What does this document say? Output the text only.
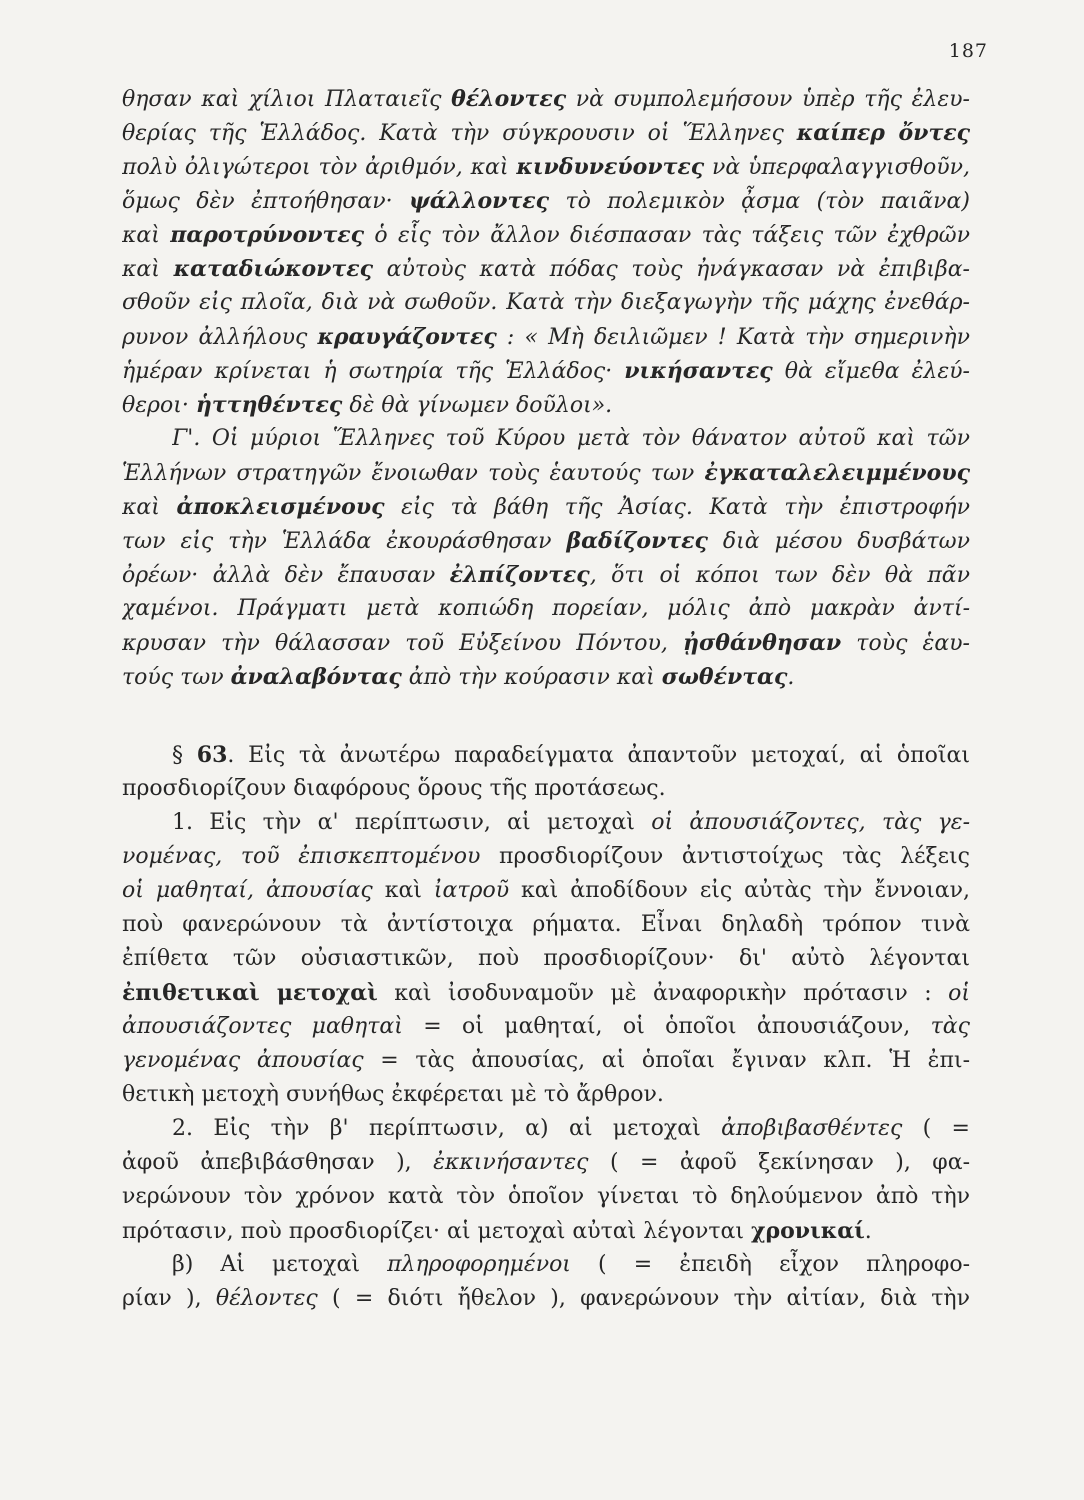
187

θησαν καὶ χίλιοι Πλαταιεῖς θέλοντες νὰ συμπολεμήσουν ὑπὲρ τῆς ἐλευ-

θερίας τῆς Ἑλλάδος. Κατὰ τὴν σύγκρουσιν οἱ Ἕλληνες καίπερ ὄντες

πολὺ ὀλιγώτεροι τὸν ἀριθμόν, καὶ κινδυνεύοντες νὰ ὑπερφαλαγγισθοῦν,

ὅμως δὲν ἐπτοήθησαν· ψάλλοντες τὸ πολεμικὸν ᾆσμα (τὸν παιᾶνα)

καὶ παροτρύνοντες ὁ εἷς τὸν ἄλλον διέσπασαν τὰς τάξεις τῶν ἐχθρῶν

καὶ καταδιώκοντες αὐτοὺς κατὰ πόδας τοὺς ἠνάγκασαν νὰ ἐπιβιβα-

σθοῦν εἰς πλοῖα, διὰ νὰ σωθοῦν. Κατὰ τὴν διεξαγωγὴν τῆς μάχης ἐνεθάρ-

ρυνον ἀλλήλους κραυγάζοντες : « Μὴ δειλιῶμεν ! Κατὰ τὴν σημερινὴν

ἡμέραν κρίνεται ἡ σωτηρία τῆς Ἑλλάδος· νικήσαντες θὰ εἴμεθα ἐλεύ-

θεροι· ἡττηθέντες δὲ θὰ γίνωμεν δοῦλοι».

Γ'. Οἱ μύριοι Ἕλληνες τοῦ Κύρου μετὰ τὸν θάνατον αὐτοῦ καὶ τῶν

Ἑλλήνων στρατηγῶν ἔνοιωθαν τοὺς ἑαυτούς των ἐγκαταλελειμμένους

καὶ ἀποκλεισμένους εἰς τὰ βάθη τῆς Ἀσίας. Κατὰ τὴν ἐπιστροφήν

των εἰς τὴν Ἑλλάδα ἐκουράσθησαν βαδίζοντες διὰ μέσου δυσβάτων

ὀρέων· ἀλλὰ δὲν ἔπαυσαν ἐλπίζοντες, ὅτι οἱ κόποι των δὲν θὰ πᾶν

χαμένοι. Πράγματι μετὰ κοπιώδη πορείαν, μόλις ἀπὸ μακρὰν ἀντί-

κρυσαν τὴν θάλασσαν τοῦ Εὐξείνου Πόντου, ᾐσθάνθησαν τοὺς ἑαυ-

τούς των ἀναλαβόντας ἀπὸ τὴν κούρασιν καὶ σωθέντας.

§ 63. Εἰς τὰ ἀνωτέρω παραδείγματα ἀπαντοῦν μετοχαί, αἱ ὁποῖαι

προσδιορίζουν διαφόρους ὅρους τῆς προτάσεως.

1. Εἰς τὴν α' περίπτωσιν, αἱ μετοχαὶ οἱ ἀπουσιάζοντες, τὰς γε-

νομένας, τοῦ ἐπισκεπτομένου προσδιορίζουν ἀντιστοίχως τὰς λέξεις

οἱ μαθηταί, ἀπουσίας καὶ ἰατροῦ καὶ ἀποδίδουν εἰς αὐτὰς τὴν ἔννοιαν,

ποὺ φανερώνουν τὰ ἀντίστοιχα ρήματα. Εἶναι δηλαδὴ τρόπον τινὰ

ἐπίθετα τῶν οὐσιαστικῶν, ποὺ προσδιορίζουν· δι' αὐτὸ λέγονται

ἐπιθετικαὶ μετοχαὶ καὶ ἰσοδυναμοῦν μὲ ἀναφορικὴν πρότασιν : οἱ

ἀπουσιάζοντες μαθηταὶ = οἱ μαθηταί, οἱ ὁποῖοι ἀπουσιάζουν, τὰς

γενομένας ἀπουσίας = τὰς ἀπουσίας, αἱ ὁποῖαι ἔγιναν κλπ. Ἡ ἐπι-

θετικὴ μετοχὴ συνήθως ἐκφέρεται μὲ τὸ ἄρθρον.

2. Εἰς τὴν β' περίπτωσιν, α) αἱ μετοχαὶ ἀποβιβασθέντες ( =

ἀφοῦ ἀπεβιβάσθησαν ), ἐκκινήσαντες ( = ἀφοῦ ξεκίνησαν ), φα-

νερώνουν τὸν χρόνον κατὰ τὸν ὁποῖον γίνεται τὸ δηλούμενον ἀπὸ τὴν

πρότασιν, ποὺ προσδιορίζει· αἱ μετοχαὶ αὐταὶ λέγονται χρονικαί.

β) Αἱ μετοχαὶ πληροφορημένοι ( = ἐπειδὴ εἶχον πληροφο-

ρίαν ), θέλοντες ( = διότι ἤθελον ), φανερώνουν τὴν αἰτίαν, διὰ τὴν
